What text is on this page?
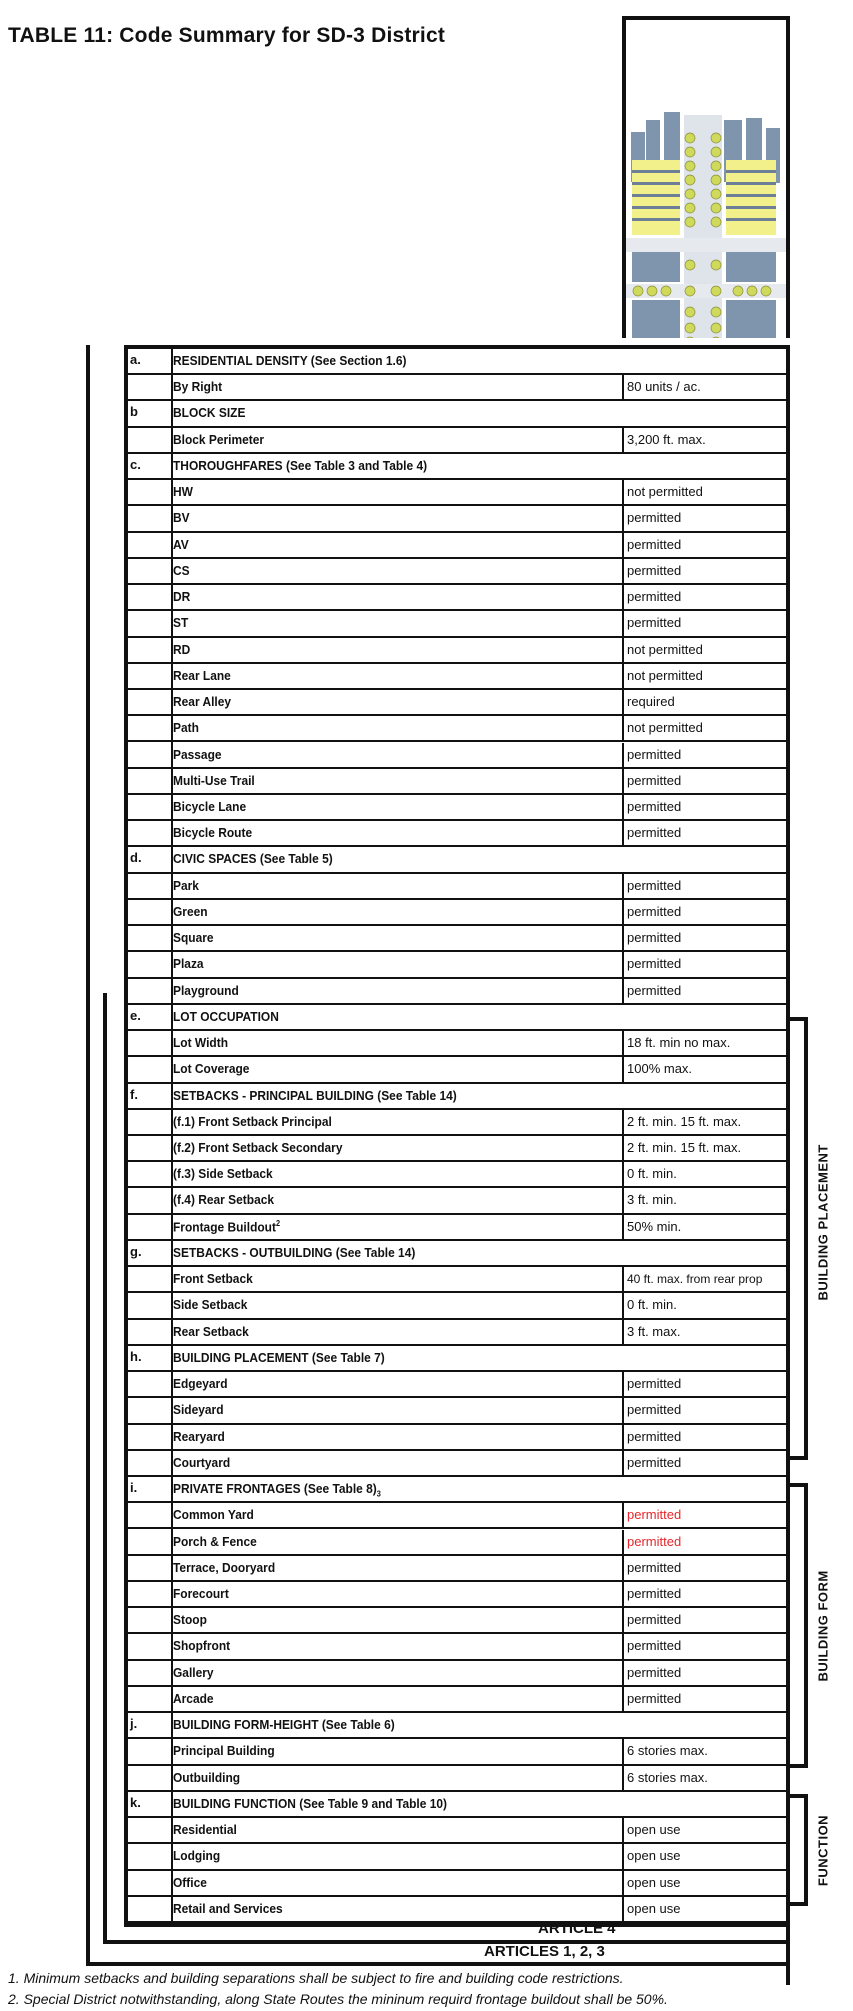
TABLE 11: Code Summary for SD-3 District
a. RESIDENTIAL DENSITY (See Section 1.6)
By Right	80 units / ac.
b	BLOCK SIZE
Block Perimeter	3,200 ft. max.
c. THOROUGHFARES (See Table 3 and Table 4)
HW	not permitted
BV	permitted
AV	permitted
CS	permitted
DR	permitted
ST	permitted
RD	not permitted
Rear Lane	not permitted
Rear Alley	required
Path	not permitted
Passage	permitted
Multi-Use Trail	permitted
Bicycle Lane	permitted
Bicycle Route	permitted
d. CIVIC SPACES (See Table 5)
Park	permitted
Green	permitted
Square	permitted
Plaza	permitted
Playground	permitted
e. LOT OCCUPATION
Lot Width	18 ft. min no max.
Lot Coverage	100% max.
f.	SETBACKS - PRINCIPAL BUILDING (See Table 14)
(f.1) Front Setback Principal	2 ft. min. 15 ft. max.
(f.2) Front Setback Secondary	2 ft. min. 15 ft. max.
(f.3) Side Setback	0 ft. min.
(f.4) Rear Setback	3 ft. min.
Frontage Buildout$^2$	50% min.
g. SETBACKS - OUTBUILDING (See Table 14)
Front Setback	40 ft. max. from rear prop
Side Setback	0 ft. min.
Rear Setback	3 ft. max.
h. BUILDING PLACEMENT (See Table 7)
Edgeyard	permitted
Sideyard	permitted
Rearyard	permitted
Courtyard	permitted
i.	PRIVATE FRONTAGES (See Table $8)_3$
Common Yard	permitted
Porch & Fence	permitted
Terrace, Dooryard	permitted
Forecourt	permitted
Stoop	permitted
Shopfront	permitted
Gallery	permitted
Arcade	permitted
j.	BUILDING FORM-HEIGHT (See Table 6)
Principal Building	6 stories max.
Outbuilding	6 stories max.
k. BUILDING FUNCTION (See Table 9 and Table 10)
Residential	open use
Lodging	open use
Office	open use
Retail and Services	open use
ARTICLE 4
ARTICLES 1, 2, 3
BUILDING PLACEMENT
BUILDING FORM
FUNCTION
1. Minimum setbacks and building separations shall be subject to fire and building code restrictions.
2. Special District notwithstanding, along State Routes the mininum requird frontage buildout shall be 50%.
